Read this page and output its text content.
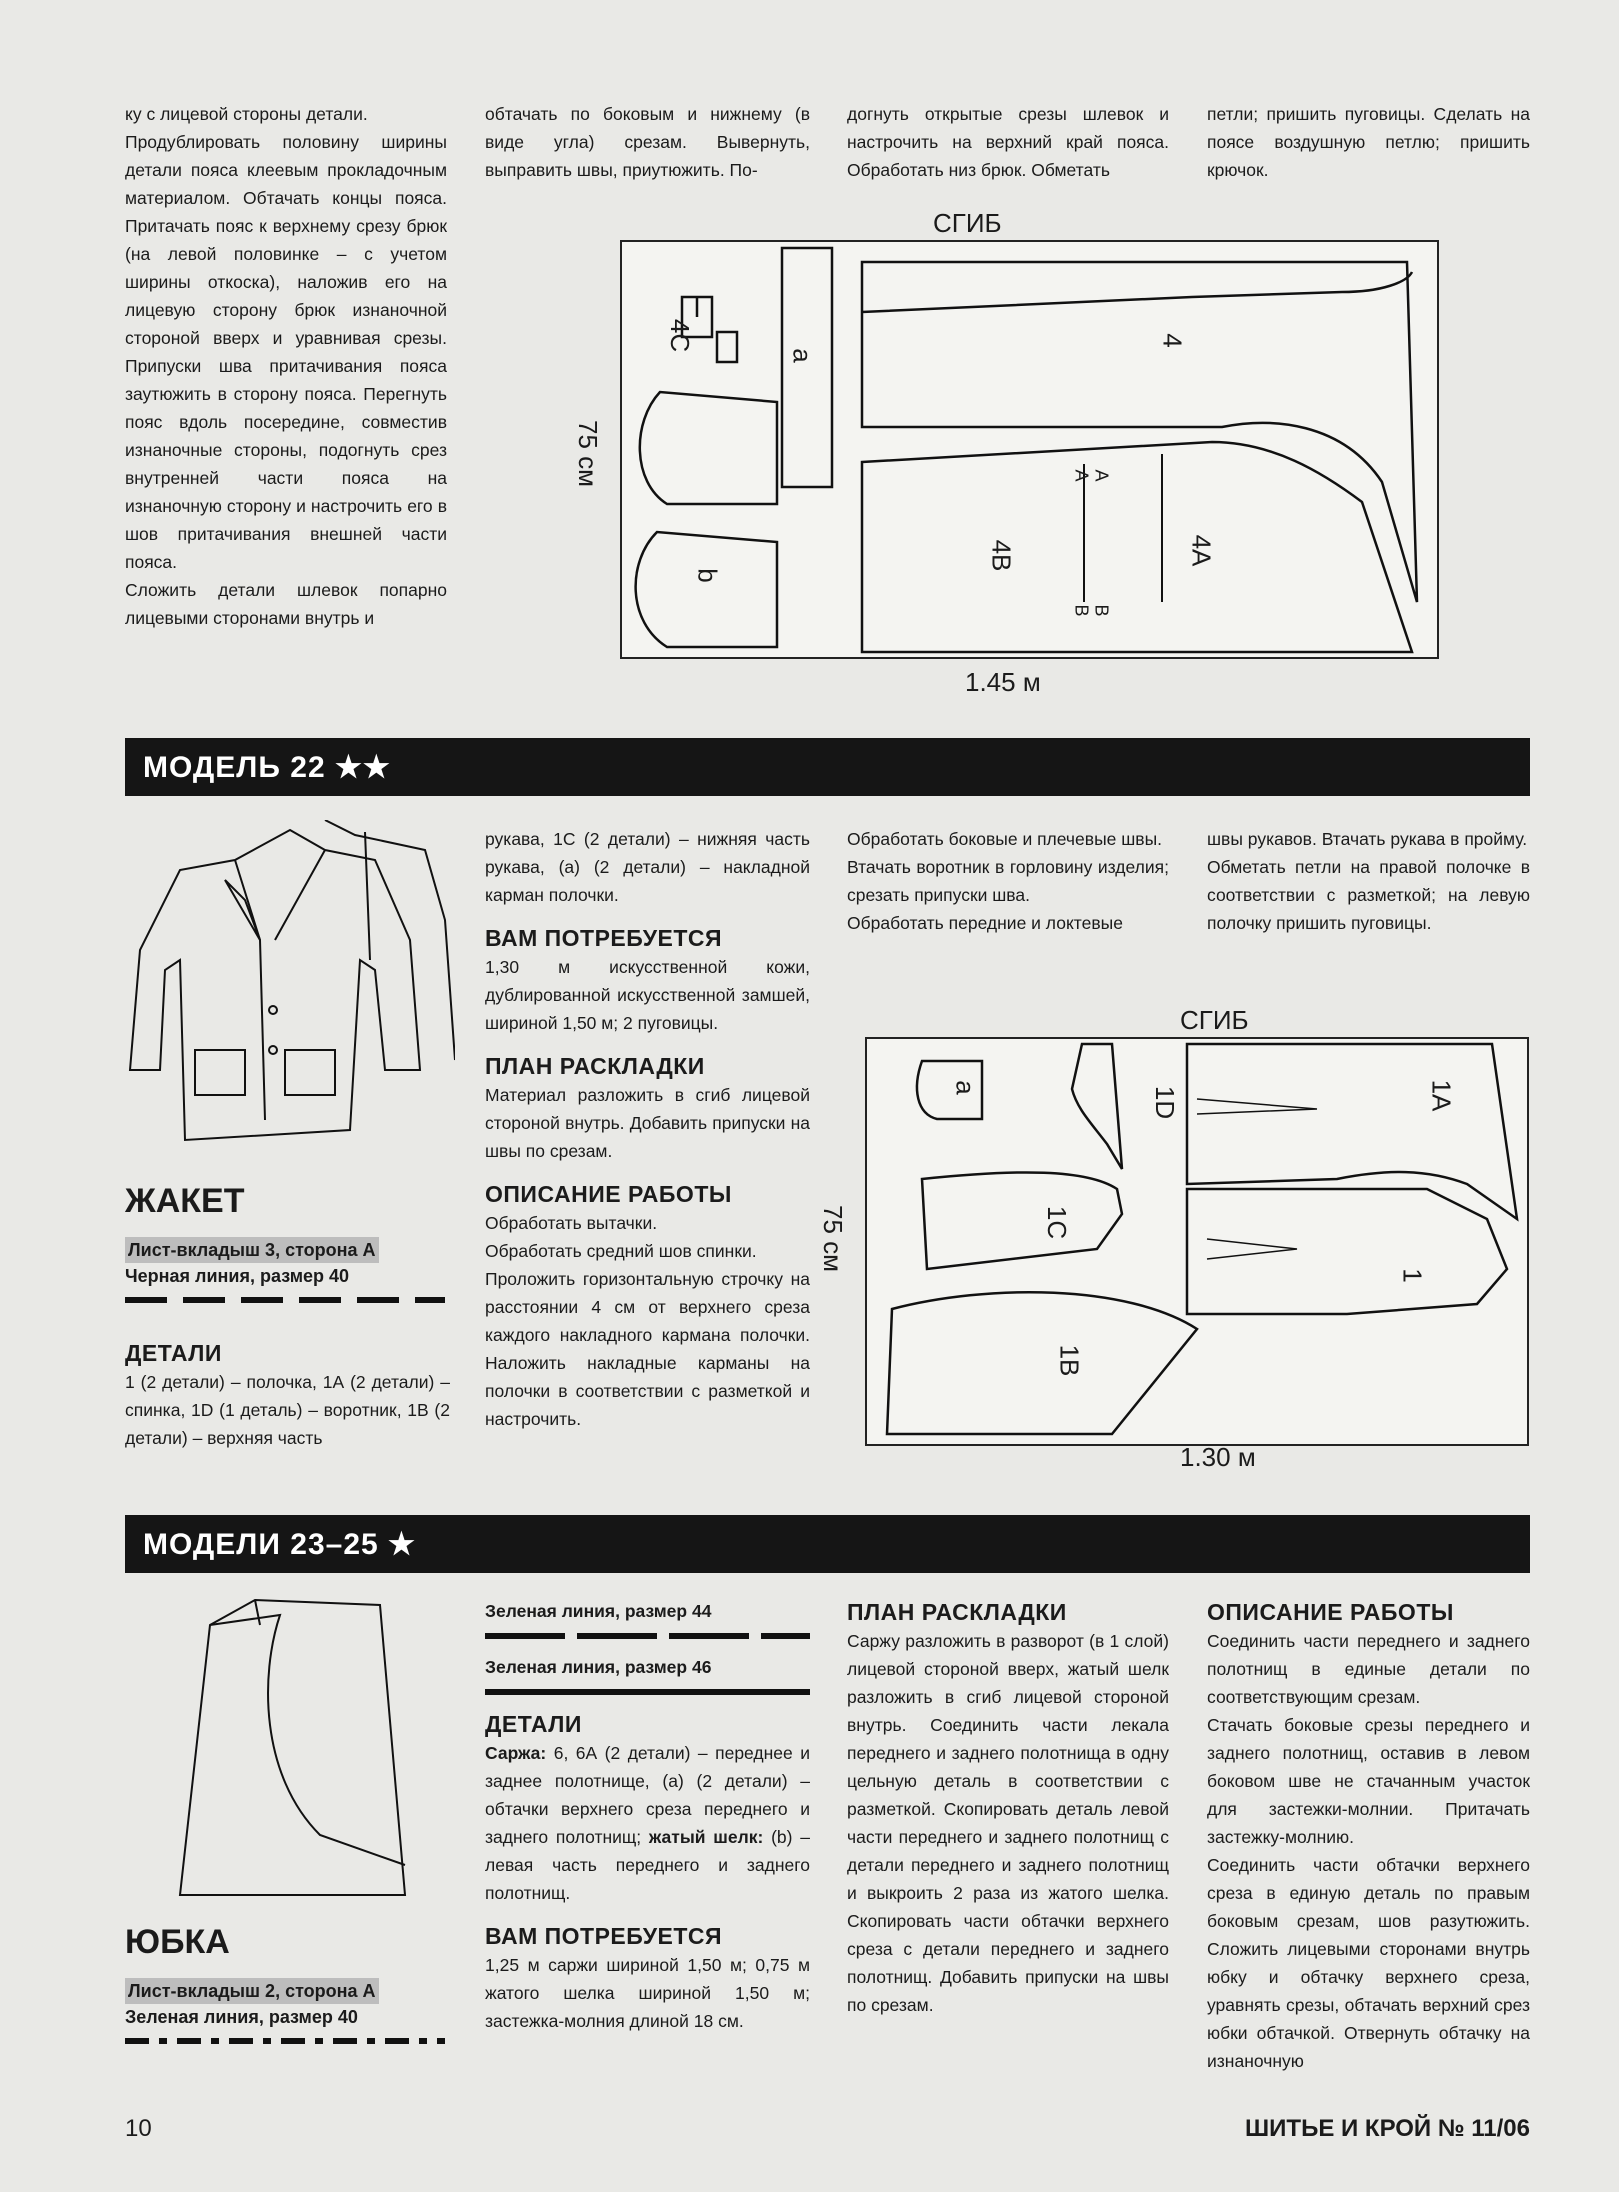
ку с лицевой стороны детали.

Продублировать половину ширины детали пояса клеевым прокладочным материалом. Обтачать концы пояса. Притачать пояс к верхнему срезу брюк (на левой половинке – с учетом ширины откоска), наложив его на лицевую сторону брюк изнаночной стороной вверх и уравнивая срезы. Припуски шва притачивания пояса заутюжить в сторону пояса. Перегнуть пояс вдоль посередине, совместив изнаночные стороны, подогнуть срез внутренней части пояса на изнаночную сторону и настрочить его в шов притачивания внешней части пояса.

Сложить детали шлевок попарно лицевыми сторонами внутрь и

обтачать по боковым и нижнему (в виде угла) срезам. Вывернуть, выправить швы, приутюжить. По-
догнуть открытые срезы шлевок и настрочить на верхний край пояса. Обработать низ брюк. Обметать
петли; пришить пуговицы. Сделать на поясе воздушную петлю; пришить крючок.
СГИБ
4
4А
4В
4С
а
b
А А
В В
75 см
1.45 м
МОДЕЛЬ 22 ★★
ЖАКЕТ
Лист-вкладыш 3, сторона А
Черная линия, размер 40
ДЕТАЛИ
1 (2 детали) – полочка, 1А (2 детали) – спинка, 1D (1 деталь) – воротник, 1В (2 детали) – верхняя часть

рукава, 1С (2 детали) – нижняя часть рукава, (а) (2 детали) – накладной карман полочки.

ВАМ ПОТРЕБУЕТСЯ

1,30 м искусственной кожи, дублированной искусственной замшей, шириной 1,50 м; 2 пуговицы.

ПЛАН РАСКЛАДКИ

Материал разложить в сгиб лицевой стороной внутрь. Добавить припуски на швы по срезам.

ОПИСАНИЕ РАБОТЫ

Обработать вытачки.

Обработать средний шов спинки.

Проложить горизонтальную строчку на расстоянии 4 см от верхнего среза каждого накладного кармана полочки. Наложить накладные карманы на полочки в соответствии с разметкой и настрочить.

Обработать боковые и плечевые швы.

Втачать воротник в горловину изделия; срезать припуски шва.

Обработать передние и локтевые

швы рукавов. Втачать рукава в пройму.

Обметать петли на правой полочке в соответствии с разметкой; на левую полочку пришить пуговицы.

СГИБ
а	1D	1А
1С
1
1В
75 см
1.30 м
МОДЕЛИ 23–25 ★
ЮБКА
Лист-вкладыш 2, сторона А
Зеленая линия, размер 40
Зеленая линия, размер 44
Зеленая линия, размер 46
ДЕТАЛИ

Саржа: 6, 6А (2 детали) – переднее и заднее полотнище, (а) (2 детали) – обтачки верхнего среза переднего и заднего полотнищ; жатый шелк: (b) – левая часть переднего и заднего полотнищ.

ВАМ ПОТРЕБУЕТСЯ

1,25 м саржи шириной 1,50 м; 0,75 м жатого шелка шириной 1,50 м; застежка-молния длиной 18 см.

ПЛАН РАСКЛАДКИ

Саржу разложить в разворот (в 1 слой) лицевой стороной вверх, жатый шелк разложить в сгиб лицевой стороной внутрь. Соединить части лекала переднего и заднего полотнища в одну цельную деталь в соответствии с разметкой. Скопировать деталь левой части переднего и заднего полотнищ с детали переднего и заднего полотнищ и выкроить 2 раза из жатого шелка. Скопировать части обтачки верхнего среза с детали переднего и заднего полотнищ. Добавить припуски на швы по срезам.

ОПИСАНИЕ РАБОТЫ

Соединить части переднего и заднего полотнищ в единые детали по соответствующим срезам.

Стачать боковые срезы переднего и заднего полотнищ, оставив в левом боковом шве не стачанным участок для застежки-молнии. Притачать застежку-молнию.

Соединить части обтачки верхнего среза в единую деталь по правым боковым срезам, шов разутюжить. Сложить лицевыми сторонами внутрь юбку и обтачку верхнего среза, уравнять срезы, обтачать верхний срез юбки обтачкой. Отвернуть обтачку на изнаночную

10	ШИТЬЕ И КРОЙ № 11/06
